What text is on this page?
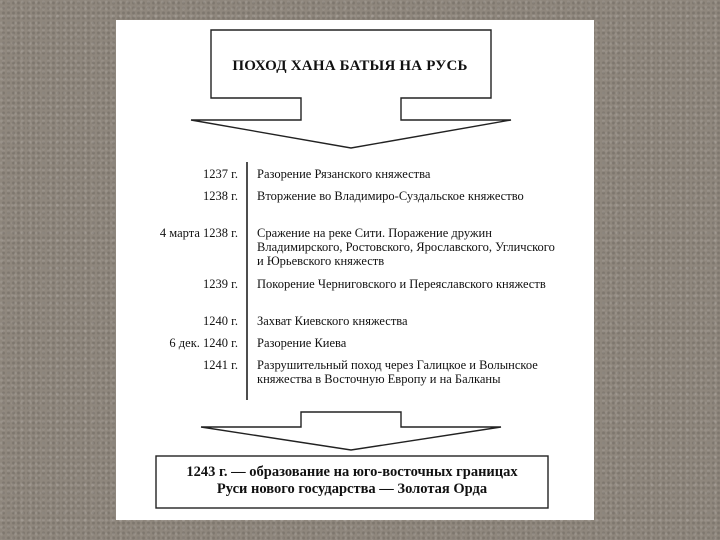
ПОХОД ХАНА БАТЫЯ НА РУСЬ
1237 г. Разорение Рязанского княжества
1238 г. Вторжение во Владимиро-Суздальское княжество
4 марта 1238 г. Сражение на реке Сити. Поражение дружин Владимирского, Ростовского, Ярославского, Угличского и Юрьевского княжеств
1239 г. Покорение Черниговского и Переяславского княжеств
1240 г. Захват Киевского княжества
6 дек. 1240 г. Разорение Киева
1241 г. Разрушительный поход через Галицкое и Волынское княжества в Восточную Европу и на Балканы
1243 г. — образование на юго-восточных границах
Руси нового государства — Золотая Орда
